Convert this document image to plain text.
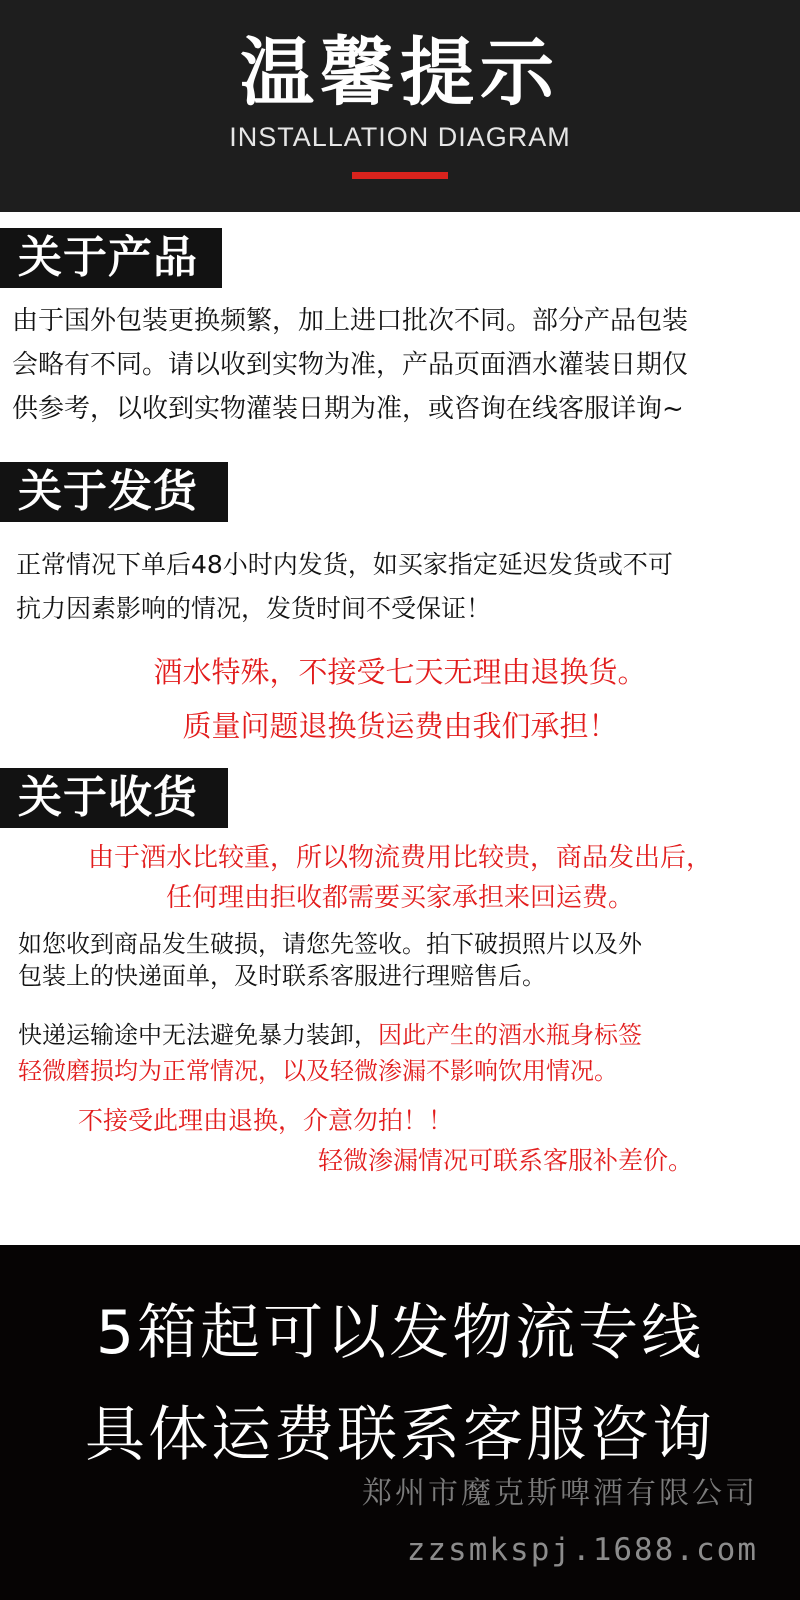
温馨提示
INSTALLATION DIAGRAM
关于产品
由于国外包装更换频繁，加上进口批次不同。部分产品包装
会略有不同。请以收到实物为准，产品页面酒水灌装日期仅
供参考，以收到实物灌装日期为准，或咨询在线客服详询~
关于发货
正常情况下单后48小时内发货，如买家指定延迟发货或不可
抗力因素影响的情况，发货时间不受保证！
酒水特殊，不接受七天无理由退换货。
质量问题退换货运费由我们承担！
关于收货
由于酒水比较重，所以物流费用比较贵，商品发出后，
任何理由拒收都需要买家承担来回运费。
如您收到商品发生破损，请您先签收。拍下破损照片以及外
包装上的快递面单，及时联系客服进行理赔售后。
快递运输途中无法避免暴力装卸，因此产生的酒水瓶身标签
轻微磨损均为正常情况，以及轻微渗漏不影响饮用情况。
不接受此理由退换，介意勿拍！！
轻微渗漏情况可联系客服补差价。
5箱起可以发物流专线
具体运费联系客服咨询
郑州市魔克斯啤酒有限公司
zzsmkspj.1688.com
